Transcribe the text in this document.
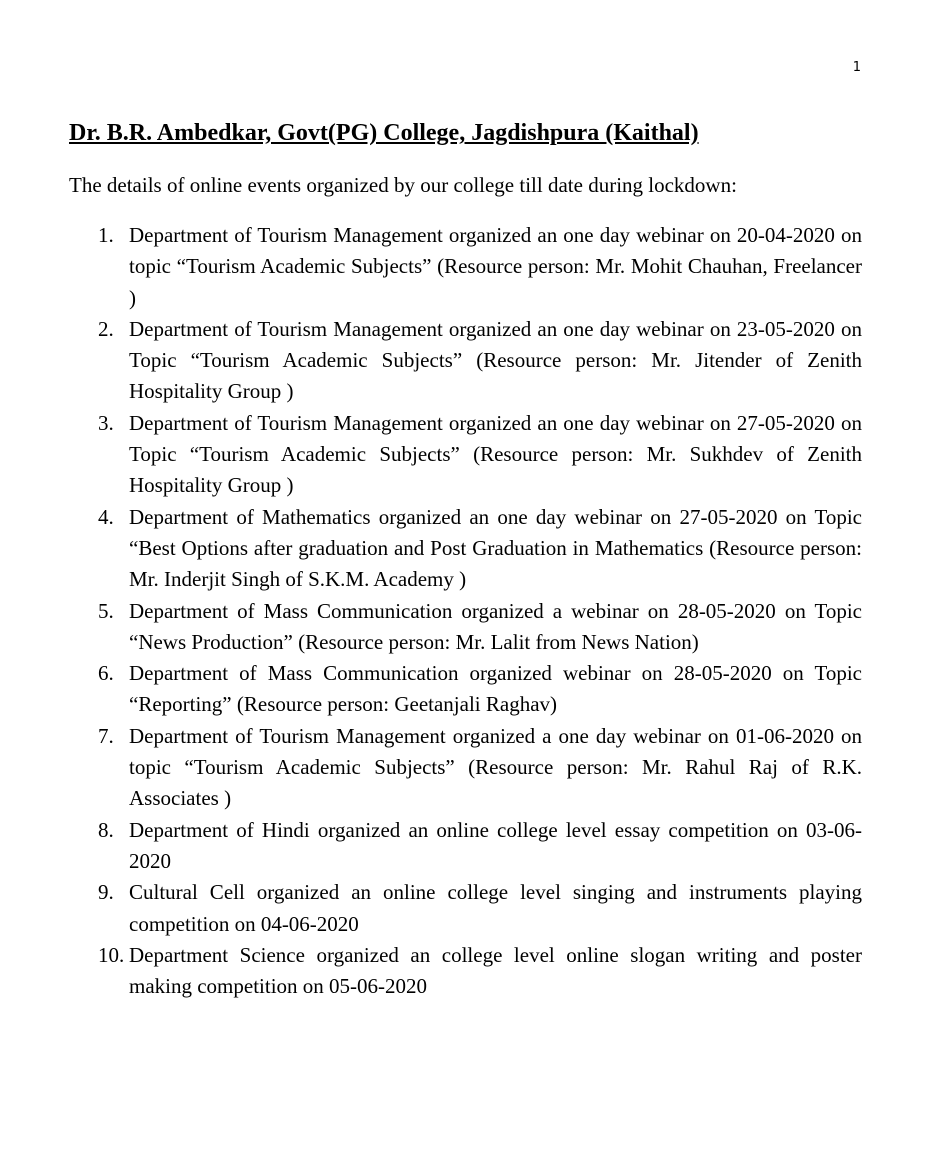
1
Dr. B.R. Ambedkar, Govt(PG) College, Jagdishpura (Kaithal)

The details of online events organized by our college till date during lockdown:

1. Department of Tourism Management organized an one day webinar on 20-04-2020 on topic “Tourism Academic Subjects” (Resource person: Mr. Mohit Chauhan, Freelancer )
2. Department of Tourism Management organized an one day webinar on 23-05-2020 on Topic “Tourism Academic Subjects” (Resource person: Mr. Jitender of Zenith Hospitality Group )
3. Department of Tourism Management organized an one day webinar on 27-05-2020 on Topic “Tourism Academic Subjects” (Resource person: Mr. Sukhdev of Zenith Hospitality Group )
4. Department of Mathematics organized an one day webinar on 27-05-2020 on Topic “Best Options after graduation and Post Graduation in Mathematics (Resource person: Mr. Inderjit Singh of S.K.M. Academy )
5. Department of Mass Communication organized a webinar on 28-05-2020 on Topic “News Production” (Resource person: Mr. Lalit from News Nation)
6. Department of Mass Communication organized webinar on 28-05-2020 on Topic “Reporting” (Resource person: Geetanjali Raghav)
7. Department of Tourism Management organized a one day webinar on 01-06-2020 on topic “Tourism Academic Subjects” (Resource person: Mr. Rahul Raj of R.K. Associates )
8. Department of Hindi organized an online college level essay competition on 03-06-2020
9. Cultural Cell organized an online college level singing and instruments playing competition on 04-06-2020
10. Department Science organized an college level online slogan writing and poster making competition on 05-06-2020
